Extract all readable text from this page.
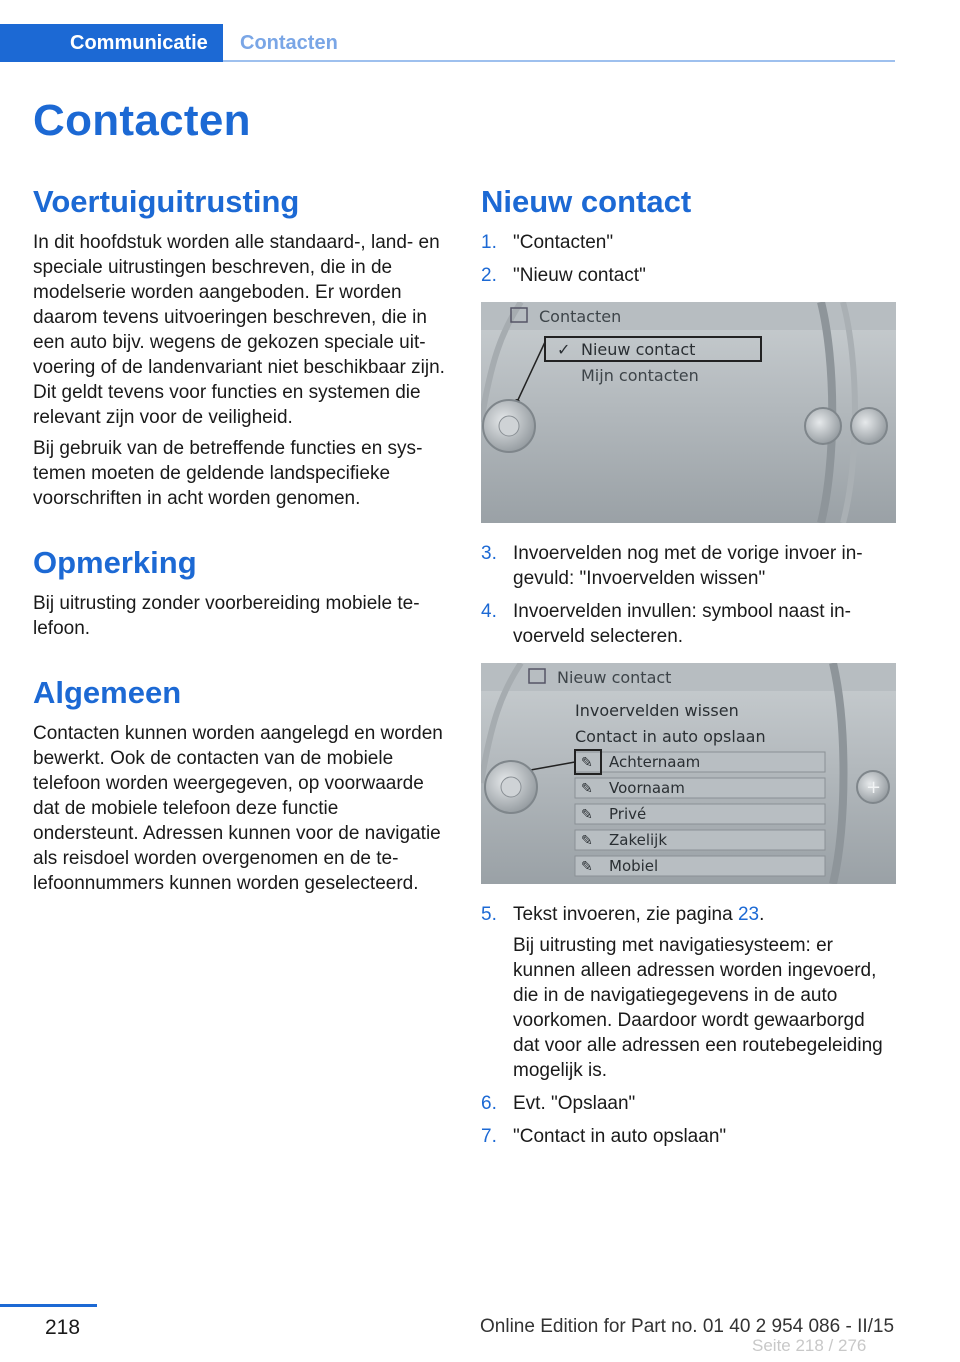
Communicatie	Contacten
Contacten
Voertuiguitrusting

In dit hoofdstuk worden alle standaard-, land- en speciale uitrustingen beschreven, die in de modelserie worden aangeboden. Er worden daarom tevens uitvoeringen beschreven, die in een auto bijv. wegens de gekozen speciale uitvoering of de landenvariant niet beschikbaar zijn. Dit geldt tevens voor functies en systemen die relevant zijn voor de veiligheid.

Bij gebruik van de betreffende functies en systemen moeten de geldende landspecifieke voorschriften in acht worden genomen.

Opmerking

Bij uitrusting zonder voorbereiding mobiele telefoon.

Algemeen

Contacten kunnen worden aangelegd en worden bewerkt. Ook de contacten van de mobiele telefoon worden weergegeven, op voorwaarde dat de mobiele telefoon deze functie ondersteunt. Adressen kunnen voor de navigatie als reisdoel worden overgenomen en de telefoonnummers kunnen worden geselecteerd.

Nieuw contact
1. "Contacten"
2. "Nieuw contact"
Contacten
✓ Nieuw contact
Mijn contacten
3. Invoervelden nog met de vorige invoer ingevuld: "Invoervelden wissen"
4. Invoervelden invullen: symbool naast invoerveld selecteren.
Nieuw contact
Invoervelden wissen
Contact in auto opslaan
✎
✎
✎
✎
✎
Achternaam
Voornaam
Privé
Zakelijk
Mobiel
+
5. Tekst invoeren, zie pagina 23.
Bij uitrusting met navigatiesysteem: er kunnen alleen adressen worden ingevoerd, die in de navigatiegegevens in de auto voorkomen. Daardoor wordt gewaarborgd dat voor alle adressen een routebegeleiding mogelijk is.
6. Evt. "Opslaan"
7. "Contact in auto opslaan"
218	Online Edition for Part no. 01 40 2 954 086 - II/15
Seite 218 / 276
